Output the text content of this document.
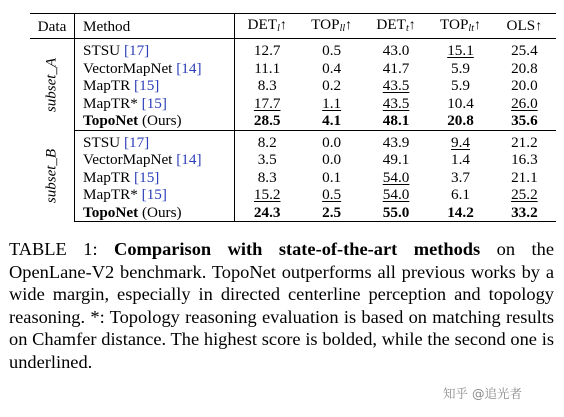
Data	Method	$DET_l↑$	$TOP_{ll}↑$	$DET_t↑$	$TOP_{lt}↑$	OLS↑

subset_A	STSU [17]	12.7	0.5	43.0	15.1	25.4
	VectorMapNet [14]	11.1	0.4	41.7	5.9	20.8
	MapTR [15]	8.3	0.2	43.5	5.9	20.0
	MapTR* [15]	17.7	1.1	43.5	10.4	26.0
	TopoNet (Ours)	28.5	4.1	48.1	20.8	35.6

subset_B	STSU [17]	8.2	0.0	43.9	9.4	21.2
	VectorMapNet [14]	3.5	0.0	49.1	1.4	16.3
	MapTR [15]	8.3	0.1	54.0	3.7	21.1
	MapTR* [15]	15.2	0.5	54.0	6.1	25.2
	TopoNet (Ours)	24.3	2.5	55.0	14.2	33.2
TABLE 1: Comparison with state-of-the-art methods on the OpenLane-V2 benchmark. TopoNet outperforms all previous works by a wide margin, especially in directed centerline perception and topology reasoning. *: Topology reasoning evaluation is based on matching results on Chamfer distance. The highest score is bolded, while the second one is underlined.
知乎 @追光者
